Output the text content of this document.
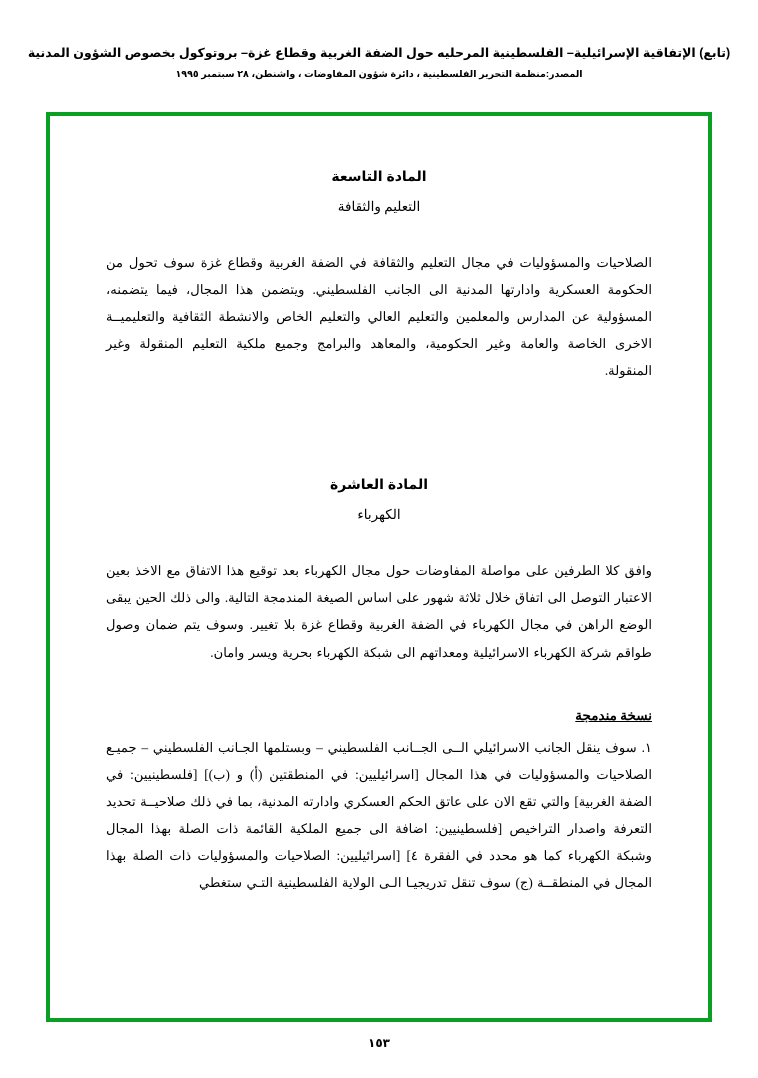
(تابع) الإتفاقية الإسرائيلية– الفلسطينية المرحليه حول الضفة الغربية وقطاع غزة– بروتوكول بخصوص الشؤون المدنية
المصدر:منظمة التحرير الفلسطينية ، دائرة شؤون المفاوضات ، واشنطن، ٢٨ سبتمبر ١٩٩٥
المادة التاسعة
التعليم والثقافة

الصلاحيات والمسؤوليات في مجال التعليم والثقافة في الضفة الغربية وقطاع غزة سوف تحول من الحكومة العسكرية وادارتها المدنية الى الجانب الفلسطيني. ويتضمن هذا المجال، فيما يتضمنه، المسؤولية عن المدارس والمعلمين والتعليم العالي والتعليم الخاص والانشطة الثقافية والتعليميــة الاخرى الخاصة والعامة وغير الحكومية، والمعاهد والبرامج وجميع ملكية التعليم المنقولة وغير المنقولة.

المادة العاشرة
الكهرباء

وافق كلا الطرفين على مواصلة المفاوضات حول مجال الكهرباء بعد توقيع هذا الاتفاق مع الاخذ بعين الاعتبار التوصل الى اتفاق خلال ثلاثة شهور على اساس الصيغة المندمجة التالية. والى ذلك الحين يبقى الوضع الراهن في مجال الكهرباء في الضفة الغربية وقطاع غزة بلا تغيير. وسوف يتم ضمان وصول طواقم شركة الكهرباء الاسرائيلية ومعداتهم الى شبكة الكهرباء بحرية ويسر وامان.

نسخة مندمجة

١. سوف ينقل الجانب الاسرائيلي الــى الجــانب الفلسطيني – وبستلمها الجـانب الفلسطيني – جميـع الصلاحيات والمسؤوليات في هذا المجال [اسرائيليين: في المنطقتين (أ) و (ب)] [فلسطينيين: في الضفة الغربية] والتي تقع الان على عاتق الحكم العسكري وادارته المدنية، بما في ذلك صلاحيــة تحديد التعرفة واصدار التراخيص [فلسطينيين: اضافة الى جميع الملكية القائمة ذات الصلة بهذا المجال وشبكة الكهرباء كما هو محدد في الفقرة ٤] [اسرائيليين: الصلاحيات والمسؤوليات ذات الصلة بهذا المجال في المنطقــة (ج) سوف تنقل تدريجيـا الـى الولاية الفلسطينية التـي ستغطي

١٥٣
